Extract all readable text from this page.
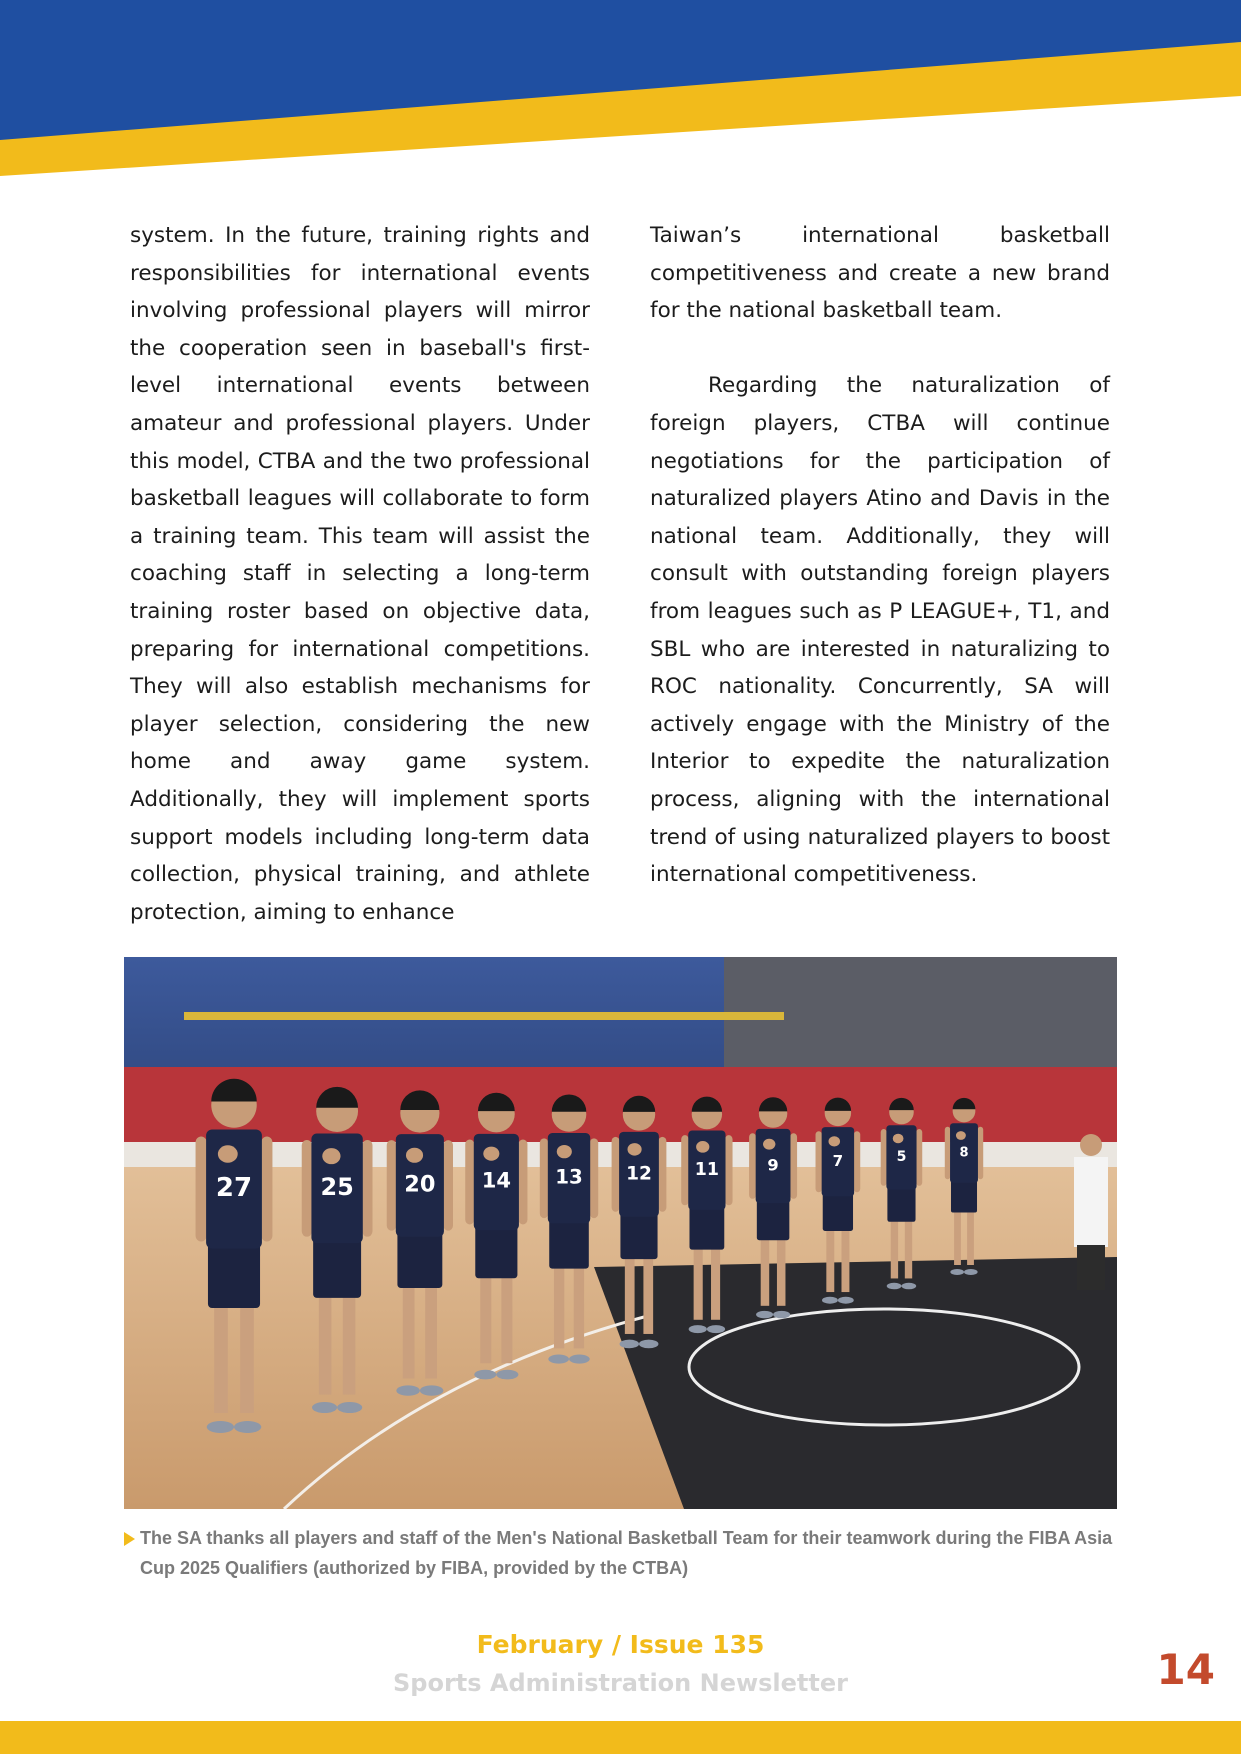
system. In the future, training rights and responsibilities for international events involving professional players will mirror the cooperation seen in baseball's first-level international events between amateur and professional players. Under this model, CTBA and the two professional basketball leagues will collaborate to form a training team. This team will assist the coaching staff in selecting a long-term training roster based on objective data, preparing for international competitions. They will also establish mechanisms for player selection, considering the new home and away game system. Additionally, they will implement sports support models including long-term data collection, physical training, and athlete protection, aiming to enhance

Taiwan’s international basketball competitiveness and create a new brand for the national basketball team.

Regarding the naturalization of foreign players, CTBA will continue negotiations for the participation of naturalized players Atino and Davis in the national team. Additionally, they will consult with outstanding foreign players from leagues such as P LEAGUE+, T1, and SBL who are interested in naturalizing to ROC nationality. Concurrently, SA will actively engage with the Ministry of the Interior to expedite the naturalization process, aligning with the international trend of using naturalized players to boost international competitiveness.

8
5
7
9
11
12
13
14
20
25
27
The SA thanks all players and staff of the Men's National Basketball Team for their teamwork during the FIBA Asia Cup 2025 Qualifiers (authorized by FIBA, provided by the CTBA)
February / Issue 135
Sports Administration Newsletter	14
